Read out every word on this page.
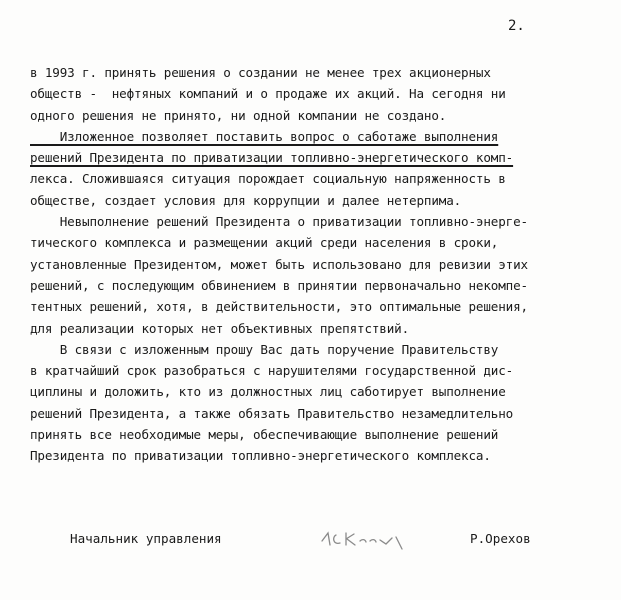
2.
в 1993 г. принять решения о создании не менее трех акционерных
обществ -  нефтяных компаний и о продаже их акций. На сегодня ни
одного решения не принято, ни одной компании не создано.
Изложенное позволяет поставить вопрос о саботаже выполнения
решений Президента по приватизации топливно-энергетического комп-
лекса. Сложившаяся ситуация порождает социальную напряженность в
обществе, создает условия для коррупции и далее нетерпима.
Невыполнение решений Президента о приватизации топливно-энерге-
тического комплекса и размещении акций среди населения в сроки,
установленные Президентом, может быть использовано для ревизии этих
решений, с последующим обвинением в принятии первоначально некомпе-
тентных решений, хотя, в действительности, это оптимальные решения,
для реализации которых нет объективных препятствий.
В связи с изложенным прошу Вас дать поручение Правительству
в кратчайший срок разобраться с нарушителями государственной дис-
циплины и доложить, кто из должностных лиц саботирует выполнение
решений Президента, а также обязать Правительство незамедлительно
принять все необходимые меры, обеспечивающие выполнение решений
Президента по приватизации топливно-энергетического комплекса.
Начальник управления	Р.Орехов
